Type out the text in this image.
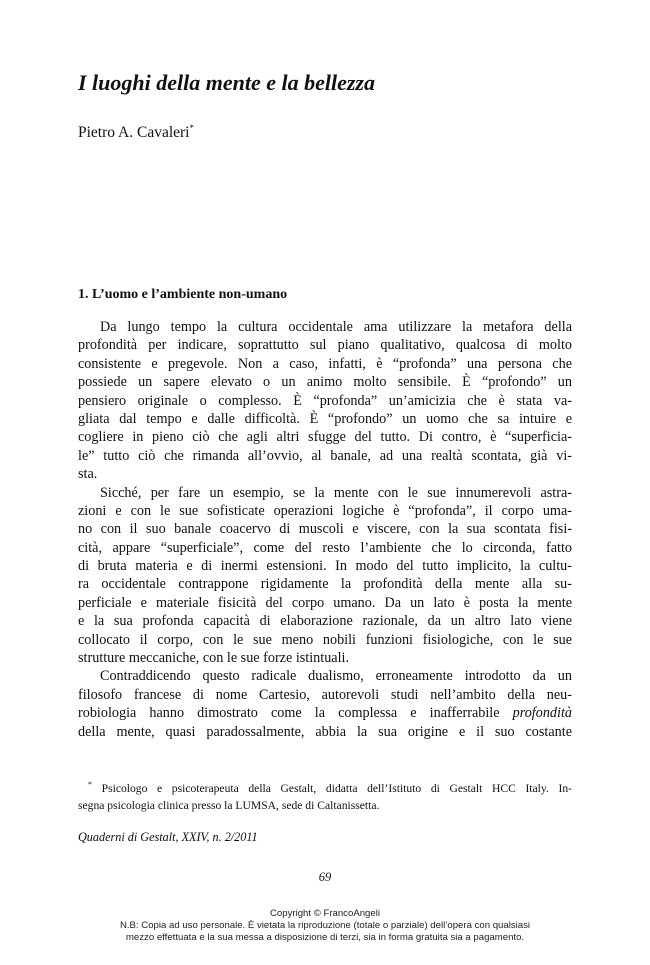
I luoghi della mente e la bellezza

Pietro A. Cavaleri*

1. L’uomo e l’ambiente non-umano
Da lungo tempo la cultura occidentale ama utilizzare la metafora della
profondità per indicare, soprattutto sul piano qualitativo, qualcosa di molto
consistente e pregevole. Non a caso, infatti, è “profonda” una persona che
possiede un sapere elevato o un animo molto sensibile. È “profondo” un
pensiero originale o complesso. È “profonda” un’amicizia che è stata va-
gliata dal tempo e dalle difficoltà. È “profondo” un uomo che sa intuire e
cogliere in pieno ciò che agli altri sfugge del tutto. Di contro, è “superficia-
le” tutto ciò che rimanda all’ovvio, al banale, ad una realtà scontata, già vi-
sta.
Sicché, per fare un esempio, se la mente con le sue innumerevoli astra-
zioni e con le sue sofisticate operazioni logiche è “profonda”, il corpo uma-
no con il suo banale coacervo di muscoli e viscere, con la sua scontata fisi-
cità, appare “superficiale”, come del resto l’ambiente che lo circonda, fatto
di bruta materia e di inermi estensioni. In modo del tutto implicito, la cultu-
ra occidentale contrappone rigidamente la profondità della mente alla su-
perficiale e materiale fisicità del corpo umano. Da un lato è posta la mente
e la sua profonda capacità di elaborazione razionale, da un altro lato viene
collocato il corpo, con le sue meno nobili funzioni fisiologiche, con le sue
strutture meccaniche, con le sue forze istintuali.
Contraddicendo questo radicale dualismo, erroneamente introdotto da un
filosofo francese di nome Cartesio, autorevoli studi nell’ambito della neu-
robiologia hanno dimostrato come la complessa e inafferrabile profondità
della mente, quasi paradossalmente, abbia la sua origine e il suo costante
* Psicologo e psicoterapeuta della Gestalt, didatta dell’Istituto di Gestalt HCC Italy. In-
segna psicologia clinica presso la LUMSA, sede di Caltanissetta.

Quaderni di Gestalt, XXIV, n. 2/2011

69

Copyright © FrancoAngeli
N.B: Copia ad uso personale. È vietata la riproduzione (totale o parziale) dell’opera con qualsiasi
mezzo effettuata e la sua messa a disposizione di terzi, sia in forma gratuita sia a pagamento.
